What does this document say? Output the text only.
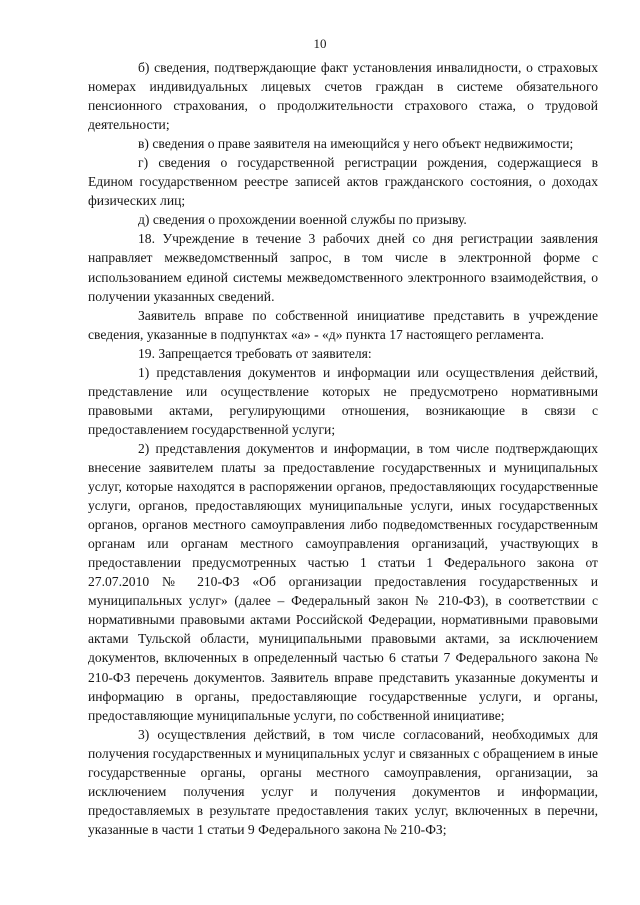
10

б) сведения, подтверждающие факт установления инвалидности, о страховых номерах индивидуальных лицевых счетов граждан в системе обязательного пенсионного страхования, о продолжительности страхового стажа, о трудовой деятельности;

в) сведения о праве заявителя на имеющийся у него объект недвижимости;

г) сведения о государственной регистрации рождения, содержащиеся в Едином государственном реестре записей актов гражданского состояния, о доходах физических лиц;

д) сведения о прохождении военной службы по призыву.

18. Учреждение в течение 3 рабочих дней со дня регистрации заявления направляет межведомственный запрос, в том числе в электронной форме с использованием единой системы межведомственного электронного взаимодействия, о получении указанных сведений.

Заявитель вправе по собственной инициативе представить в учреждение сведения, указанные в подпунктах «а» - «д» пункта 17 настоящего регламента.

19. Запрещается требовать от заявителя:

1) представления документов и информации или осуществления действий, представление или осуществление которых не предусмотрено нормативными правовыми актами, регулирующими отношения, возникающие в связи с предоставлением государственной услуги;

2) представления документов и информации, в том числе подтверждающих внесение заявителем платы за предоставление государственных и муниципальных услуг, которые находятся в распоряжении органов, предоставляющих государственные услуги, органов, предоставляющих муниципальные услуги, иных государственных органов, органов местного самоуправления либо подведомственных государственным органам или органам местного самоуправления организаций, участвующих в предоставлении предусмотренных частью 1 статьи 1 Федерального закона от 27.07.2010 № 210-ФЗ «Об организации предоставления государственных и муниципальных услуг» (далее – Федеральный закон № 210-ФЗ), в соответствии с нормативными правовыми актами Российской Федерации, нормативными правовыми актами Тульской области, муниципальными правовыми актами, за исключением документов, включенных в определенный частью 6 статьи 7 Федерального закона № 210-ФЗ перечень документов. Заявитель вправе представить указанные документы и информацию в органы, предоставляющие государственные услуги, и органы, предоставляющие муниципальные услуги, по собственной инициативе;

3) осуществления действий, в том числе согласований, необходимых для получения государственных и муниципальных услуг и связанных с обращением в иные государственные органы, органы местного самоуправления, организации, за исключением получения услуг и получения документов и информации, предоставляемых в результате предоставления таких услуг, включенных в перечни, указанные в части 1 статьи 9 Федерального закона № 210-ФЗ;
